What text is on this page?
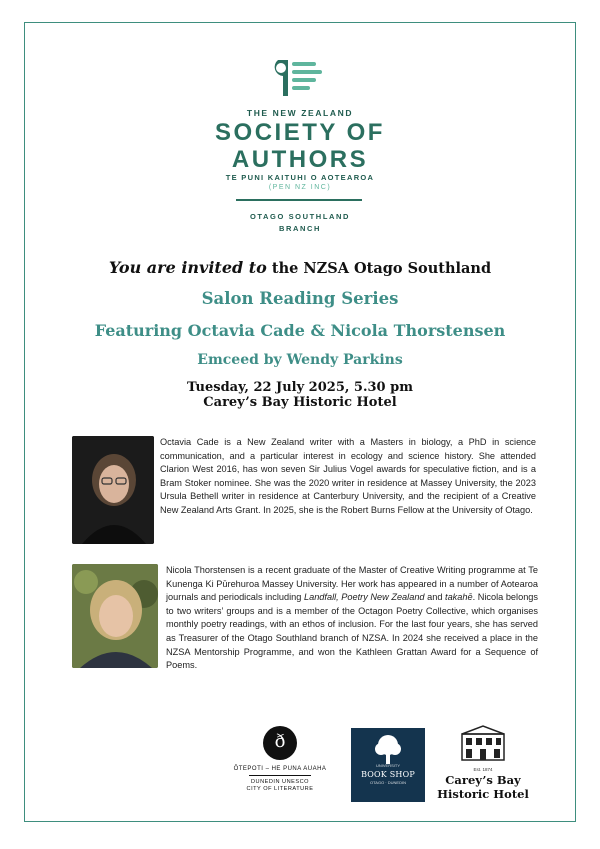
THE NEW ZEALAND
SOCIETY OF
AUTHORS
TE PUNI KAITUHI O AOTEAROA
(PEN NZ INC)
OTAGO SOUTHLAND
BRANCH
You are invited to the NZSA Otago Southland
Salon Reading Series
Featuring Octavia Cade & Nicola Thorstensen
Emceed by Wendy Parkins
Tuesday, 22 July 2025, 5.30 pm
Carey’s Bay Historic Hotel
Octavia Cade is a New Zealand writer with a Masters in biology, a PhD in science communication, and a particular interest in ecology and science history. She attended Clarion West 2016, has won seven Sir Julius Vogel awards for speculative fiction, and is a Bram Stoker nominee. She was the 2020 writer in residence at Massey University, the 2023 Ursula Bethell writer in residence at Canterbury University, and the recipient of a Creative New Zealand Arts Grant. In 2025, she is the Robert Burns Fellow at the University of Otago.
Nicola Thorstensen is a recent graduate of the Master of Creative Writing programme at Te Kunenga Ki Pūrehuroa Massey University. Her work has appeared in a number of Aotearoa journals and periodicals including Landfall, Poetry New Zealand and takahē. Nicola belongs to two writers’ groups and is a member of the Octagon Poetry Collective, which organises monthly poetry readings, with an ethos of inclusion. For the last four years, she has served as Treasurer of the Otago Southland branch of NZSA. In 2024 she received a place in the NZSA Mentorship Programme, and won the Kathleen Grattan Award for a Sequence of Poems.
ð
ŌTEPOTI – HE PUNA AUAHA
DUNEDIN UNESCO
CITY OF LITERATURE
UNIVERSITY
BOOK SHOP
OTAGO · DUNEDIN
Est. 1874
Carey’s Bay
Historic Hotel
